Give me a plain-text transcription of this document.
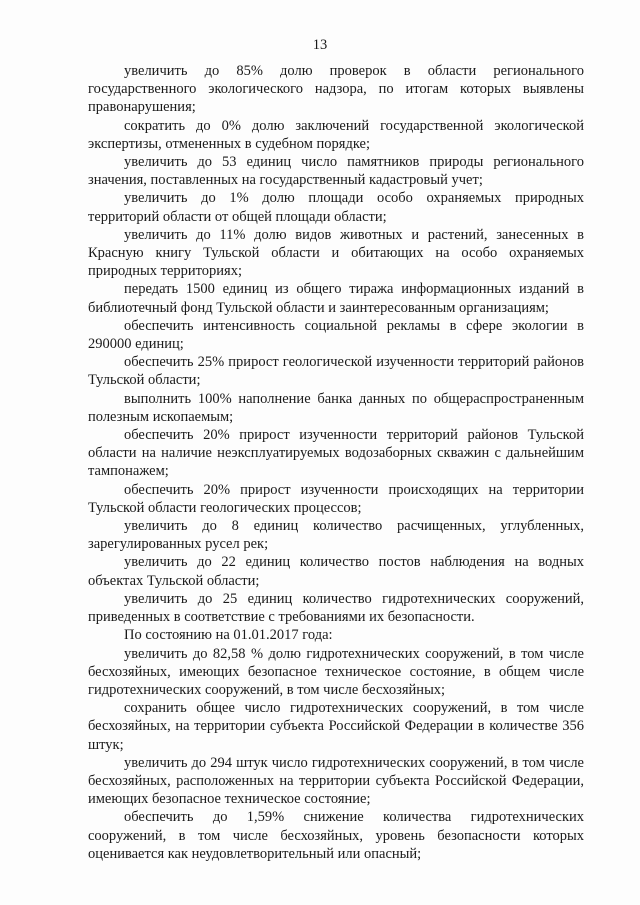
13

увеличить до 85% долю проверок в области регионального государственного экологического надзора, по итогам которых выявлены правонарушения;

сократить до 0% долю заключений государственной экологической экспертизы, отмененных в судебном порядке;

увеличить до 53 единиц число памятников природы регионального значения, поставленных на государственный кадастровый учет;

увеличить до 1% долю площади особо охраняемых природных территорий области от общей площади области;

увеличить до 11% долю видов животных и растений, занесенных в Красную книгу Тульской области и обитающих на особо охраняемых природных территориях;

передать 1500 единиц из общего тиража информационных изданий в библиотечный фонд Тульской области и заинтересованным организациям;

обеспечить интенсивность социальной рекламы в сфере экологии в 290000 единиц;

обеспечить 25% прирост геологической изученности территорий районов Тульской области;

выполнить 100% наполнение банка данных по общераспространенным полезным ископаемым;

обеспечить 20% прирост изученности территорий районов Тульской области на наличие неэксплуатируемых водозаборных скважин с дальнейшим тампонажем;

обеспечить 20% прирост изученности происходящих на территории Тульской области геологических процессов;

увеличить до 8 единиц количество расчищенных, углубленных, зарегулированных русел рек;

увеличить до 22 единиц количество постов наблюдения на водных объектах Тульской области;

увеличить до 25 единиц количество гидротехнических сооружений, приведенных в соответствие с требованиями их безопасности.

По состоянию на 01.01.2017 года:

увеличить до 82,58 % долю гидротехнических сооружений, в том числе бесхозяйных, имеющих безопасное техническое состояние, в общем числе гидротехнических сооружений, в том числе бесхозяйных;

сохранить общее число гидротехнических сооружений, в том числе бесхозяйных, на территории субъекта Российской Федерации в количестве 356 штук;

увеличить до 294 штук число гидротехнических сооружений, в том числе бесхозяйных, расположенных на территории субъекта Российской Федерации, имеющих безопасное техническое состояние;

обеспечить до 1,59% снижение количества гидротехнических сооружений, в том числе бесхозяйных, уровень безопасности которых оценивается как неудовлетворительный или опасный;
